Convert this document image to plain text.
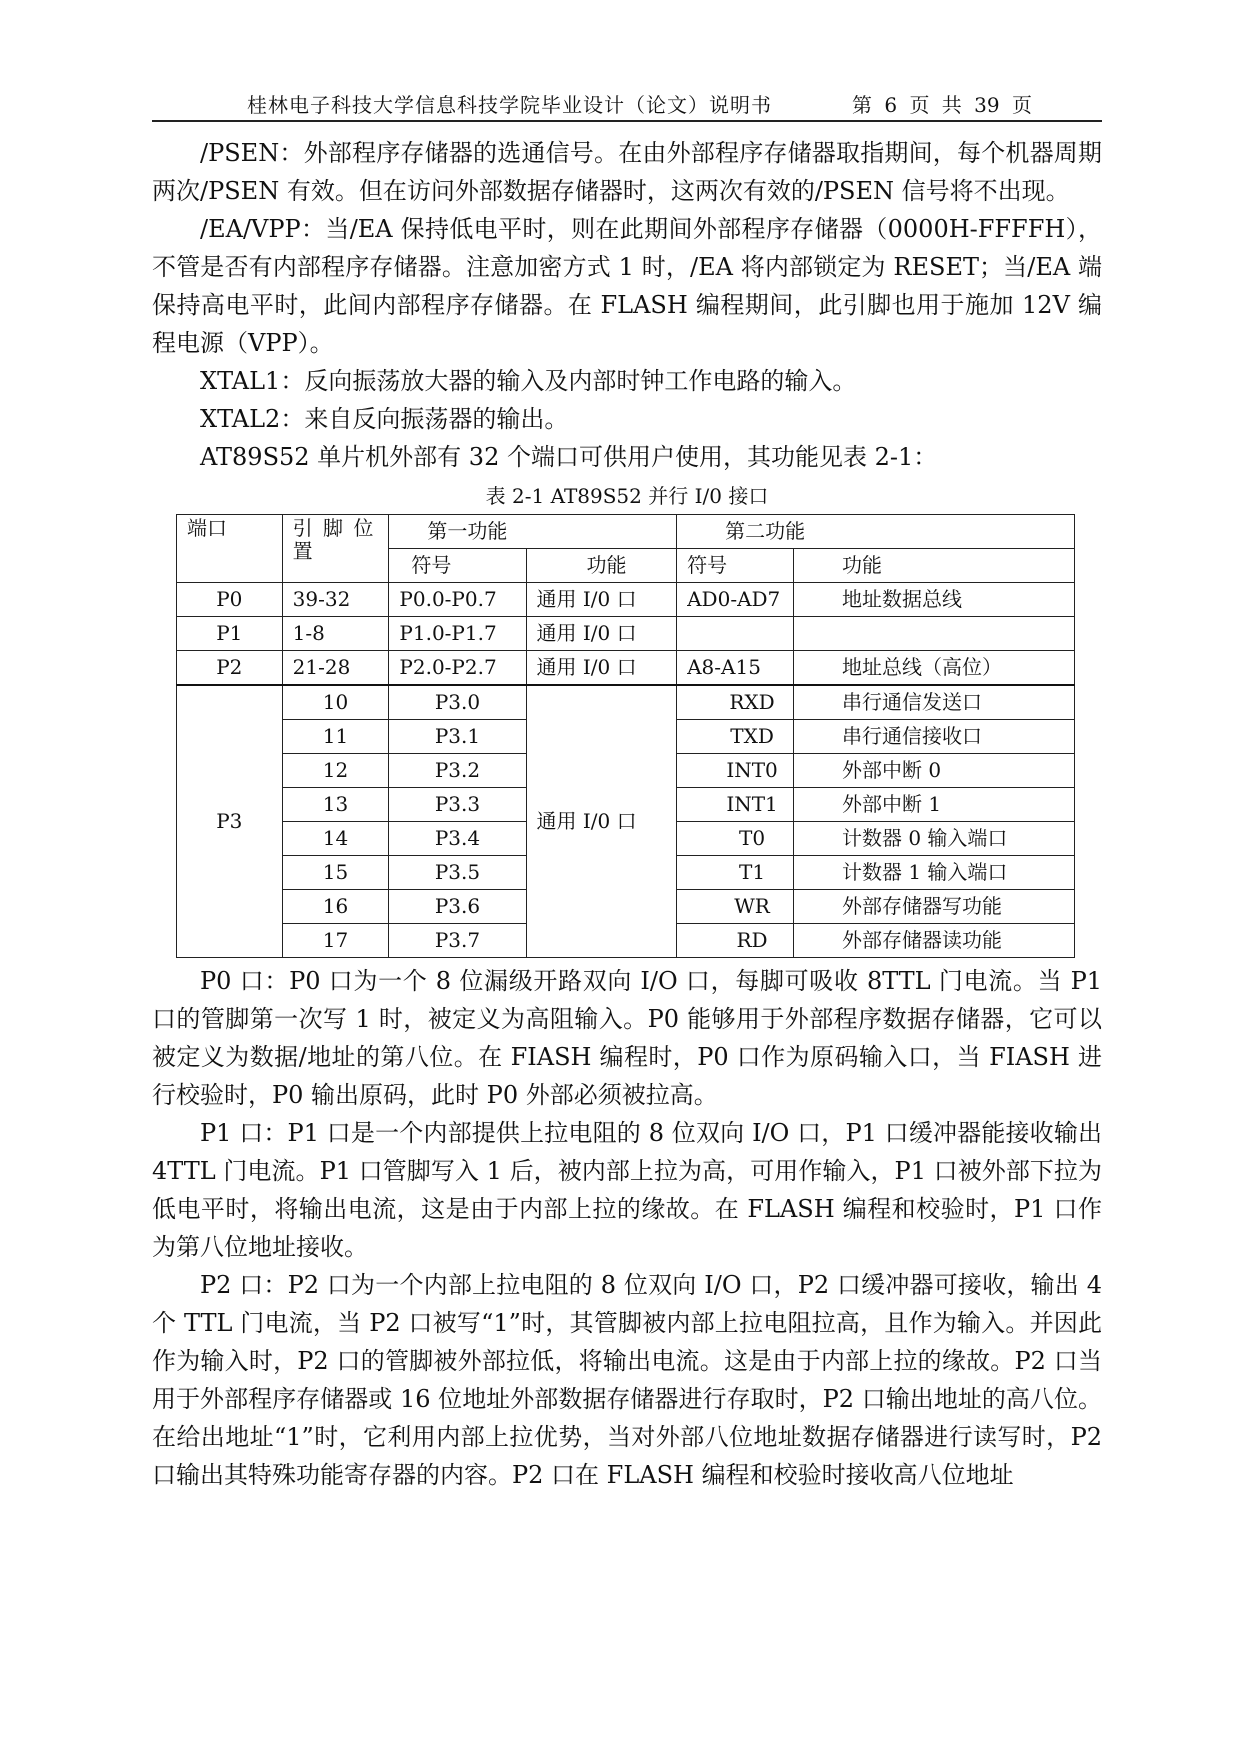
桂林电子科技大学信息科技学院毕业设计（论文）说明书	第 6 页 共 39 页

/PSEN：外部程序存储器的选通信号。在由外部程序存储器取指期间，每个机器周期两次/PSEN 有效。但在访问外部数据存储器时，这两次有效的/PSEN 信号将不出现。

/EA/VPP：当/EA 保持低电平时，则在此期间外部程序存储器（0000H-FFFFH），不管是否有内部程序存储器。注意加密方式 1 时，/EA 将内部锁定为 RESET；当/EA 端保持高电平时，此间内部程序存储器。在 FLASH 编程期间，此引脚也用于施加 12V 编程电源（VPP）。

XTAL1：反向振荡放大器的输入及内部时钟工作电路的输入。

XTAL2：来自反向振荡器的输出。

AT89S52 单片机外部有 32 个端口可供用户使用，其功能见表 2-1：

表 2-1 AT89S52 并行 I/0 接口
端口	引 脚 位置	第一功能		第二功能	
		符号	功能	符号	功能
P0	39-32	P0.0-P0.7	通用 I/0 口	AD0-AD7	地址数据总线
P1	1-8	P1.0-P1.7	通用 I/0 口		
P2	21-28	P2.0-P2.7	通用 I/0 口	A8-A15	地址总线（高位）
P3	10	P3.0	通用 I/0 口	RXD	串行通信发送口
	11	P3.1		TXD	串行通信接收口
	12	P3.2		INT0	外部中断 0
	13	P3.3		INT1	外部中断 1
	14	P3.4		T0	计数器 0 输入端口
	15	P3.5		T1	计数器 1 输入端口
	16	P3.6		WR	外部存储器写功能
	17	P3.7		RD	外部存储器读功能

P0 口：P0 口为一个 8 位漏级开路双向 I/O 口，每脚可吸收 8TTL 门电流。当 P1 口的管脚第一次写 1 时，被定义为高阻输入。P0 能够用于外部程序数据存储器，它可以被定义为数据/地址的第八位。在 FIASH 编程时，P0 口作为原码输入口，当 FIASH 进行校验时，P0 输出原码，此时 P0 外部必须被拉高。

P1 口：P1 口是一个内部提供上拉电阻的 8 位双向 I/O 口，P1 口缓冲器能接收输出 4TTL 门电流。P1 口管脚写入 1 后，被内部上拉为高，可用作输入，P1 口被外部下拉为低电平时，将输出电流，这是由于内部上拉的缘故。在 FLASH 编程和校验时，P1 口作为第八位地址接收。

P2 口：P2 口为一个内部上拉电阻的 8 位双向 I/O 口，P2 口缓冲器可接收，输出 4 个 TTL 门电流，当 P2 口被写“1”时，其管脚被内部上拉电阻拉高，且作为输入。并因此作为输入时，P2 口的管脚被外部拉低，将输出电流。这是由于内部上拉的缘故。P2 口当用于外部程序存储器或 16 位地址外部数据存储器进行存取时，P2 口输出地址的高八位。在给出地址“1”时，它利用内部上拉优势，当对外部八位地址数据存储器进行读写时，P2 口输出其特殊功能寄存器的内容。P2 口在 FLASH 编程和校验时接收高八位地址
